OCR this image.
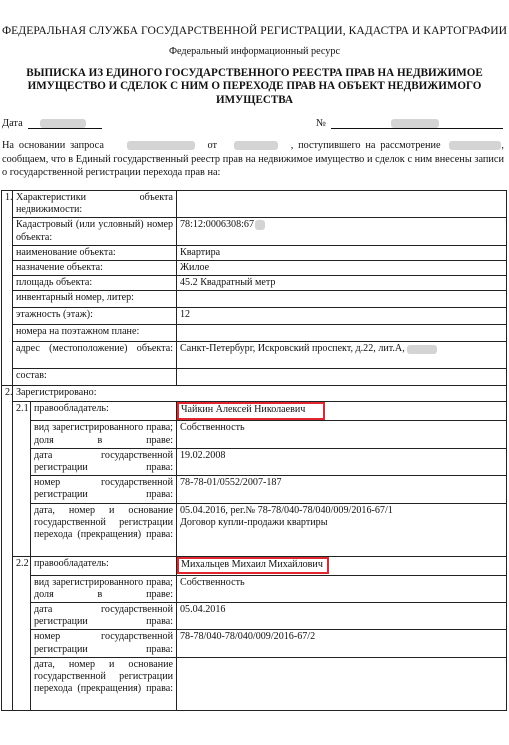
ФЕДЕРАЛЬНАЯ СЛУЖБА ГОСУДАРСТВЕННОЙ РЕГИСТРАЦИИ, КАДАСТРА И КАРТОГРАФИИ
Федеральный информационный ресурс
ВЫПИСКА ИЗ ЕДИНОГО ГОСУДАРСТВЕННОГО РЕЕСТРА ПРАВ НА НЕДВИЖИМОЕ ИМУЩЕСТВО И СДЕЛОК С НИМ О ПЕРЕХОДЕ ПРАВ НА ОБЪЕКТ НЕДВИЖИМОГО ИМУЩЕСТВА
Дата	№
На основании запроса	от	, поступившего на рассмотрение	, сообщаем, что в Единый государственный реестр прав на недвижимое имущество и сделок с ним внесены записи о государственной регистрации перехода прав на:
1.	Характеристики объекта недвижимости:		
	Кадастровый (или условный) номер объекта:		78:12:0006308:67
	наименование объекта:		Квартира
	назначение объекта:		Жилое
	площадь объекта:		45.2 Квадратный метр
	инвентарный номер, литер:		
	этажность (этаж):		12
	номера на поэтажном плане:		
	адрес (местоположение) объекта:		Санкт-Петербург, Искровский проспект, д.22, лит.А,
	состав:		
2.	Зарегистрировано:		
	2.1	правообладатель:	Чайкин Алексей Николаевич
		вид зарегистрированного права; доля в праве:	Собственность
		дата государственной регистрации права:	19.02.2008
		номер государственной регистрации права:	78-78-01/0552/2007-187
		дата, номер и основание государственной регистрации перехода (прекращения) права:	05.04.2016, рег.№ 78-78/040-78/040/009/2016-67/1
Договор купли-продажи квартиры

	2.2	правообладатель:	Михальцев Михаил Михайлович
		вид зарегистрированного права; доля в праве:	Собственность
		дата государственной регистрации права:	05.04.2016
		номер государственной регистрации права:	78-78/040-78/040/009/2016-67/2
		дата, номер и основание государственной регистрации перехода (прекращения) права:	
